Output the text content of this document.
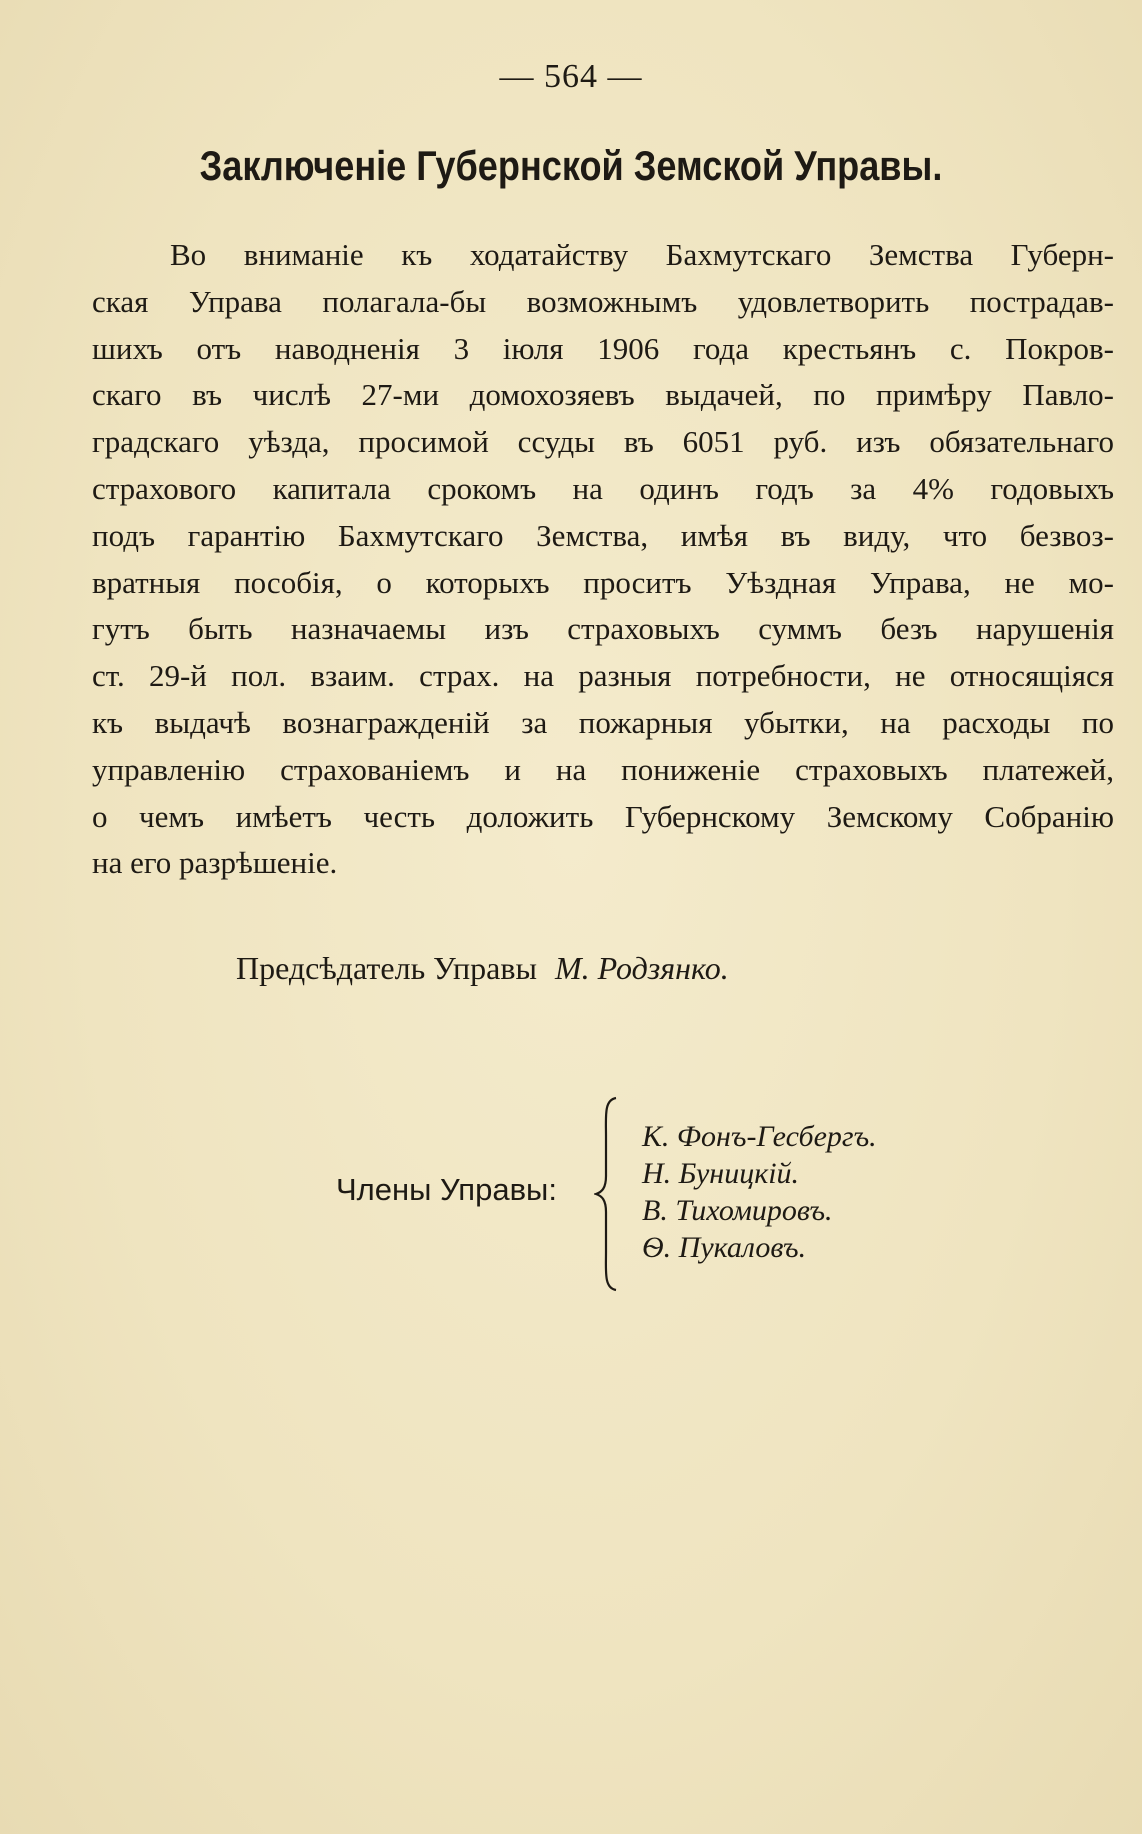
— 564 —
Заключеніе Губернской Земской Управы.
Во вниманіе къ ходатайству Бахмутскаго Земства Губерн-
ская Управа полагала-бы возможнымъ удовлетворить пострадав-
шихъ отъ наводненія 3 іюля 1906 года крестьянъ с. Покров-
скаго въ числѣ 27-ми домохозяевъ выдачей, по примѣру Павло-
градскаго уѣзда, просимой ссуды въ 6051 руб. изъ обязательнаго
страхового капитала срокомъ на одинъ годъ за 4% годовыхъ
подъ гарантію Бахмутскаго Земства, имѣя въ виду, что безвоз-
вратныя пособія, о которыхъ проситъ Уѣздная Управа, не мо-
гутъ быть назначаемы изъ страховыхъ суммъ безъ нарушенія
ст. 29-й пол. взаим. страх. на разныя потребности, не относящіяся
къ выдачѣ вознагражденій за пожарныя убытки, на расходы по
управленію страхованіемъ и на пониженіе страховыхъ платежей,
о чемъ имѣетъ честь доложить Губернскому Земскому Собранію
на его разрѣшеніе.
Предсѣдатель Управы М. Родзянко.
Члены Управы:
К. Фонъ-Гесбергъ.
Н. Буницкій.
В. Тихомировъ.
Ѳ. Пукаловъ.
